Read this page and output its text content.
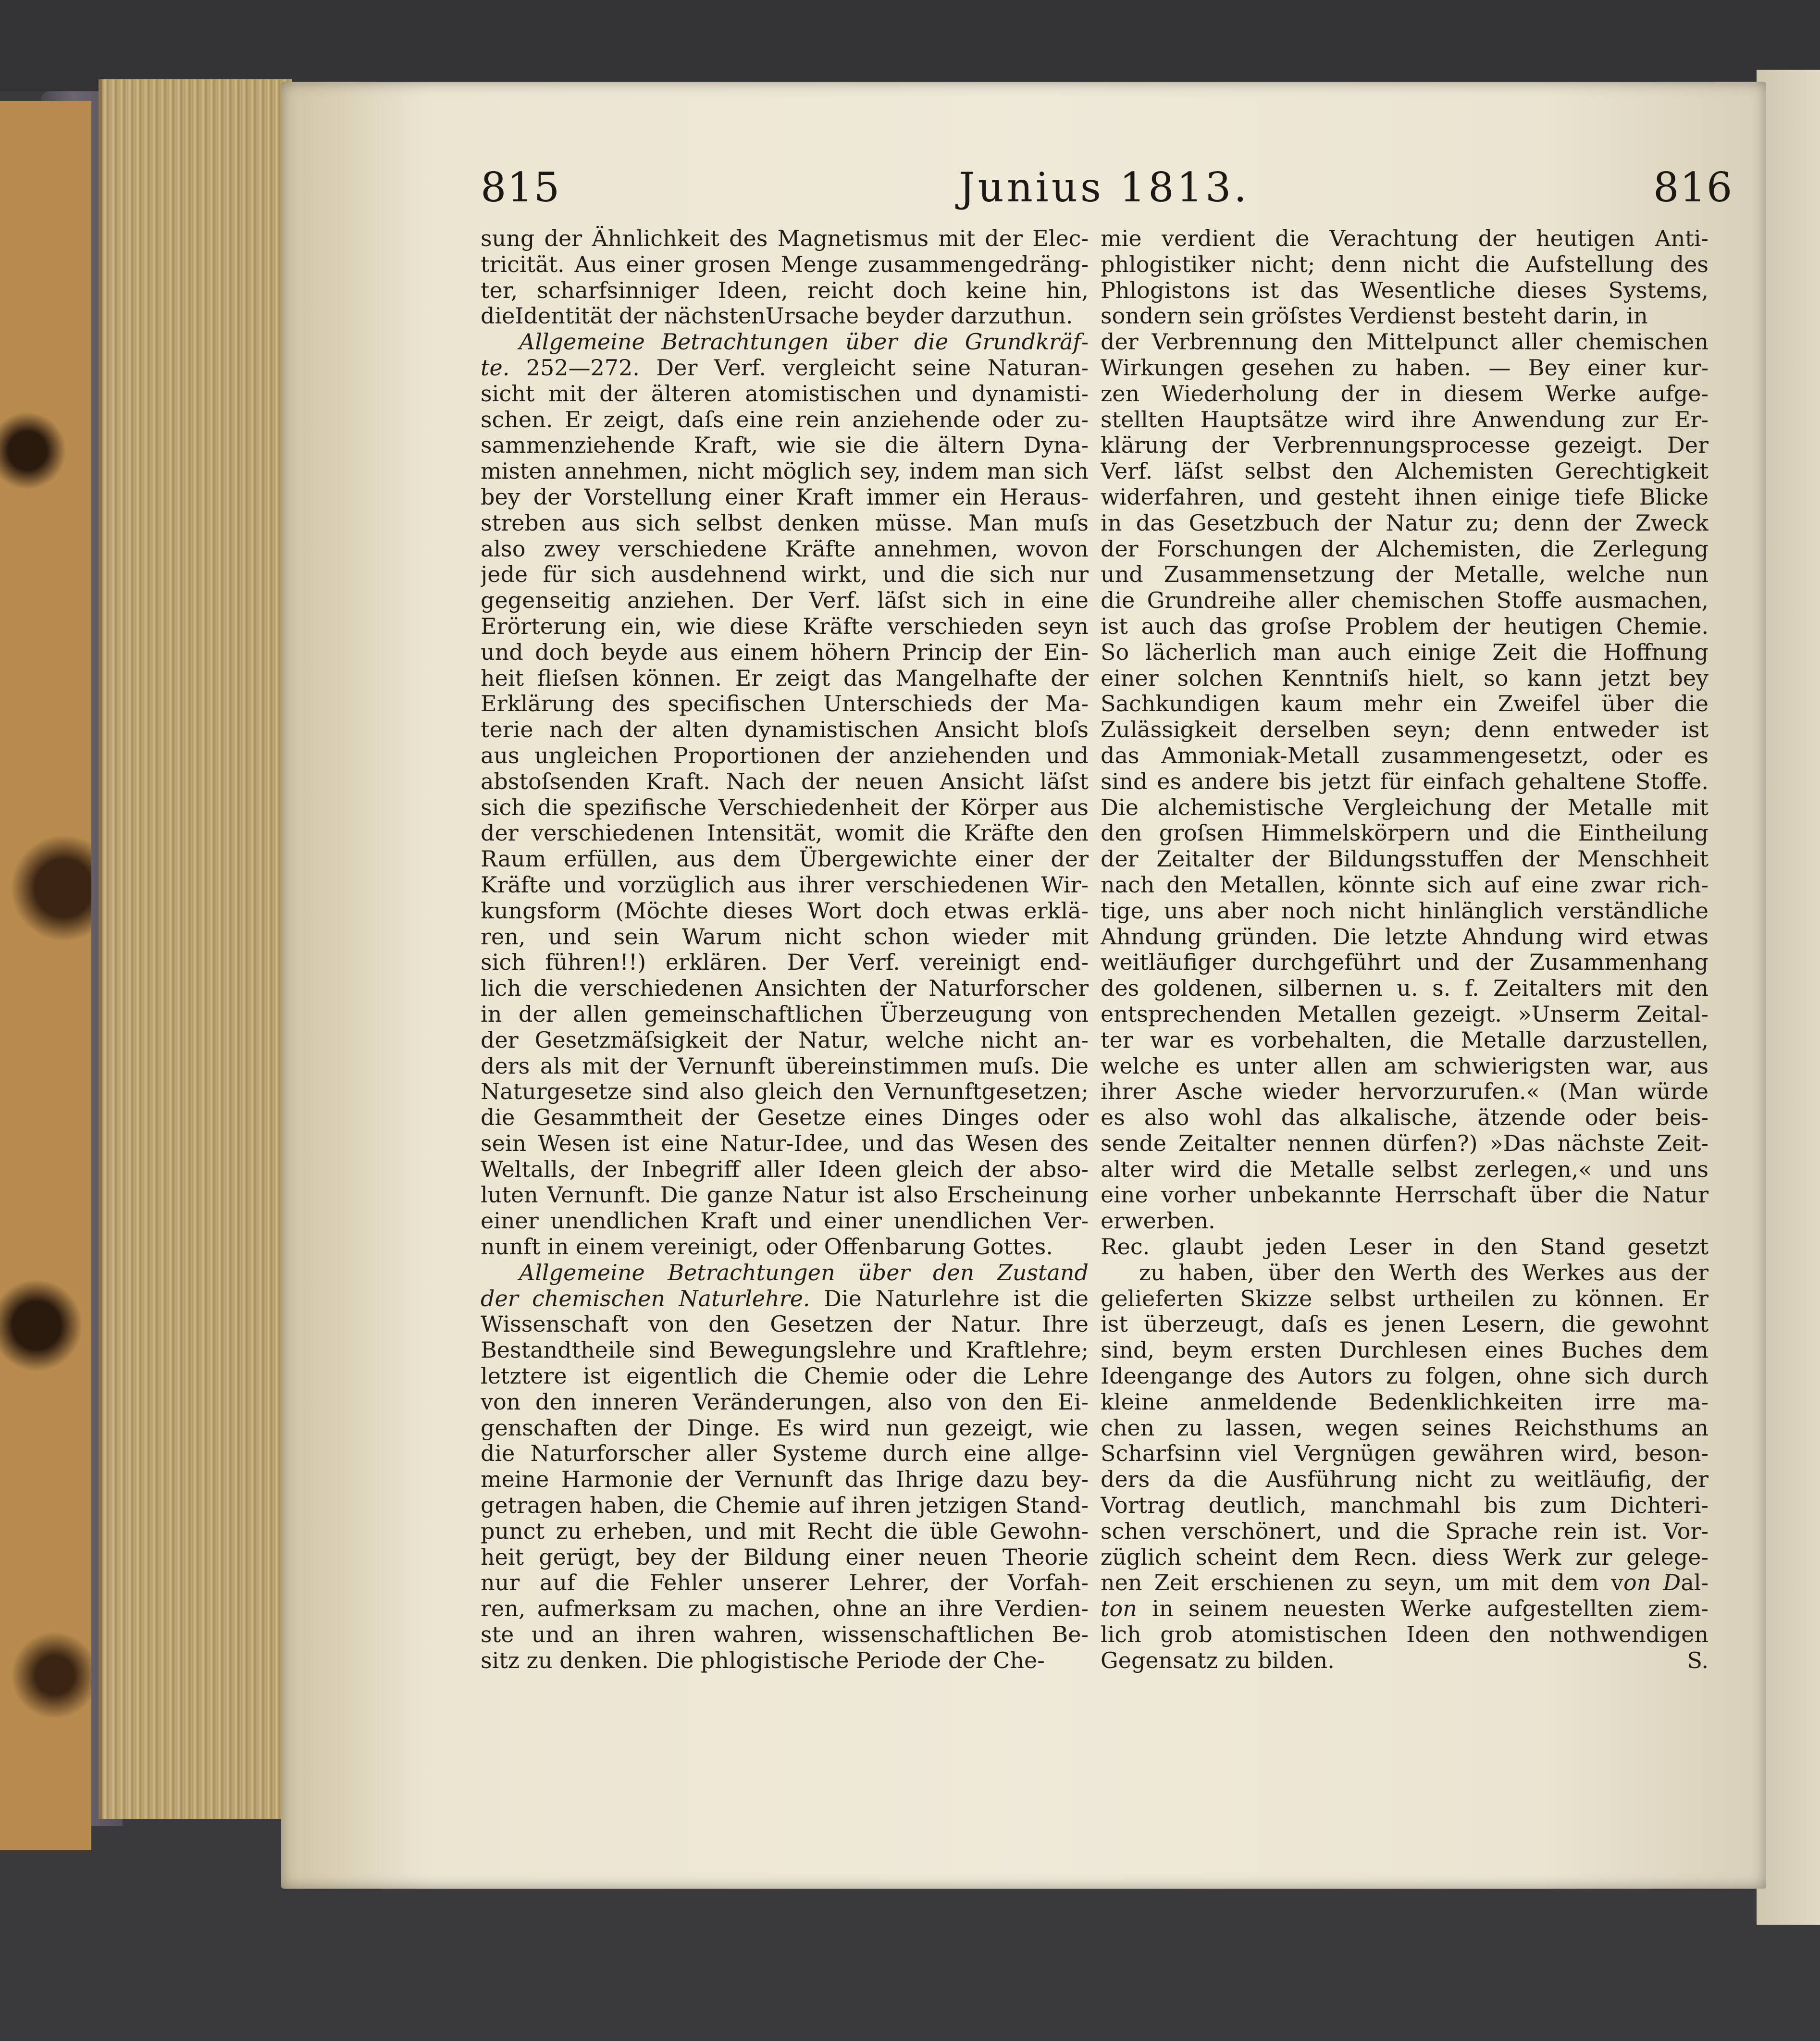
815	Junius 1813.	816
sung der Ähnlichkeit des Magnetismus mit der Elec-
tricität. Aus einer grosen Menge zusammengedräng-
ter, scharfsinniger Ideen, reicht doch keine hin,
dieIdentität der nächstenUrsache beyder darzuthun.
Allgemeine Betrachtungen über die Grundkräf-
te. 252—272. Der Verf. vergleicht seine Naturan-
sicht mit der älteren atomistischen und dynamisti-
schen. Er zeigt, daſs eine rein anziehende oder zu-
sammenziehende Kraft, wie sie die ältern Dyna-
misten annehmen, nicht möglich sey, indem man sich
bey der Vorstellung einer Kraft immer ein Heraus-
streben aus sich selbst denken müsse. Man muſs
also zwey verschiedene Kräfte annehmen, wovon
jede für sich ausdehnend wirkt, und die sich nur
gegenseitig anziehen. Der Verf. läſst sich in eine
Erörterung ein, wie diese Kräfte verschieden seyn
und doch beyde aus einem höhern Princip der Ein-
heit flieſsen können. Er zeigt das Mangelhafte der
Erklärung des specifischen Unterschieds der Ma-
terie nach der alten dynamistischen Ansicht bloſs
aus ungleichen Proportionen der anziehenden und
abstoſsenden Kraft. Nach der neuen Ansicht läſst
sich die spezifische Verschiedenheit der Körper aus
der verschiedenen Intensität, womit die Kräfte den
Raum erfüllen, aus dem Übergewichte einer der
Kräfte und vorzüglich aus ihrer verschiedenen Wir-
kungsform (Möchte dieses Wort doch etwas erklä-
ren, und sein Warum nicht schon wieder mit
sich führen!!) erklären. Der Verf. vereinigt end-
lich die verschiedenen Ansichten der Naturforscher
in der allen gemeinschaftlichen Überzeugung von
der Gesetzmäſsigkeit der Natur, welche nicht an-
ders als mit der Vernunft übereinstimmen muſs. Die
Naturgesetze sind also gleich den Vernunftgesetzen;
die Gesammtheit der Gesetze eines Dinges oder
sein Wesen ist eine Natur-Idee, und das Wesen des
Weltalls, der Inbegriff aller Ideen gleich der abso-
luten Vernunft. Die ganze Natur ist also Erscheinung
einer unendlichen Kraft und einer unendlichen Ver-
nunft in einem vereinigt, oder Offenbarung Gottes.
Allgemeine Betrachtungen über den Zustand
der chemischen Naturlehre. Die Naturlehre ist die
Wissenschaft von den Gesetzen der Natur. Ihre
Bestandtheile sind Bewegungslehre und Kraftlehre;
letztere ist eigentlich die Chemie oder die Lehre
von den inneren Veränderungen, also von den Ei-
genschaften der Dinge. Es wird nun gezeigt, wie
die Naturforscher aller Systeme durch eine allge-
meine Harmonie der Vernunft das Ihrige dazu bey-
getragen haben, die Chemie auf ihren jetzigen Stand-
punct zu erheben, und mit Recht die üble Gewohn-
heit gerügt, bey der Bildung einer neuen Theorie
nur auf die Fehler unserer Lehrer, der Vorfah-
ren, aufmerksam zu machen, ohne an ihre Verdien-
ste und an ihren wahren, wissenschaftlichen Be-
sitz zu denken. Die phlogistische Periode der Che-
mie verdient die Verachtung der heutigen Anti-
phlogistiker nicht; denn nicht die Aufstellung des
Phlogistons ist das Wesentliche dieses Systems,
sondern sein gröſstes Verdienst besteht darin, in
der Verbrennung den Mittelpunct aller chemischen
Wirkungen gesehen zu haben. — Bey einer kur-
zen Wiederholung der in diesem Werke aufge-
stellten Hauptsätze wird ihre Anwendung zur Er-
klärung der Verbrennungsprocesse gezeigt. Der
Verf. läſst selbst den Alchemisten Gerechtigkeit
widerfahren, und gesteht ihnen einige tiefe Blicke
in das Gesetzbuch der Natur zu; denn der Zweck
der Forschungen der Alchemisten, die Zerlegung
und Zusammensetzung der Metalle, welche nun
die Grundreihe aller chemischen Stoffe ausmachen,
ist auch das groſse Problem der heutigen Chemie.
So lächerlich man auch einige Zeit die Hoffnung
einer solchen Kenntniſs hielt, so kann jetzt bey
Sachkundigen kaum mehr ein Zweifel über die
Zulässigkeit derselben seyn; denn entweder ist
das Ammoniak-Metall zusammengesetzt, oder es
sind es andere bis jetzt für einfach gehaltene Stoffe.
Die alchemistische Vergleichung der Metalle mit
den groſsen Himmelskörpern und die Eintheilung
der Zeitalter der Bildungsstuffen der Menschheit
nach den Metallen, könnte sich auf eine zwar rich-
tige, uns aber noch nicht hinlänglich verständliche
Ahndung gründen. Die letzte Ahndung wird etwas
weitläufiger durchgeführt und der Zusammenhang
des goldenen, silbernen u. s. f. Zeitalters mit den
entsprechenden Metallen gezeigt. »Unserm Zeital-
ter war es vorbehalten, die Metalle darzustellen,
welche es unter allen am schwierigsten war, aus
ihrer Asche wieder hervorzurufen.« (Man würde
es also wohl das alkalische, ätzende oder beis-
sende Zeitalter nennen dürfen?) »Das nächste Zeit-
alter wird die Metalle selbst zerlegen,« und uns
eine vorher unbekannte Herrschaft über die Natur
erwerben.
Rec. glaubt jeden Leser in den Stand gesetzt
zu haben, über den Werth des Werkes aus der
gelieferten Skizze selbst urtheilen zu können. Er
ist überzeugt, daſs es jenen Lesern, die gewohnt
sind, beym ersten Durchlesen eines Buches dem
Ideengange des Autors zu folgen, ohne sich durch
kleine anmeldende Bedenklichkeiten irre ma-
chen zu lassen, wegen seines Reichsthums an
Scharfsinn viel Vergnügen gewähren wird, beson-
ders da die Ausführung nicht zu weitläufig, der
Vortrag deutlich, manchmahl bis zum Dichteri-
schen verschönert, und die Sprache rein ist. Vor-
züglich scheint dem Recn. diess Werk zur gelege-
nen Zeit erschienen zu seyn, um mit dem von Dal-
ton in seinem neuesten Werke aufgestellten ziem-
lich grob atomistischen Ideen den nothwendigen
Gegensatz zu bilden.	S.
